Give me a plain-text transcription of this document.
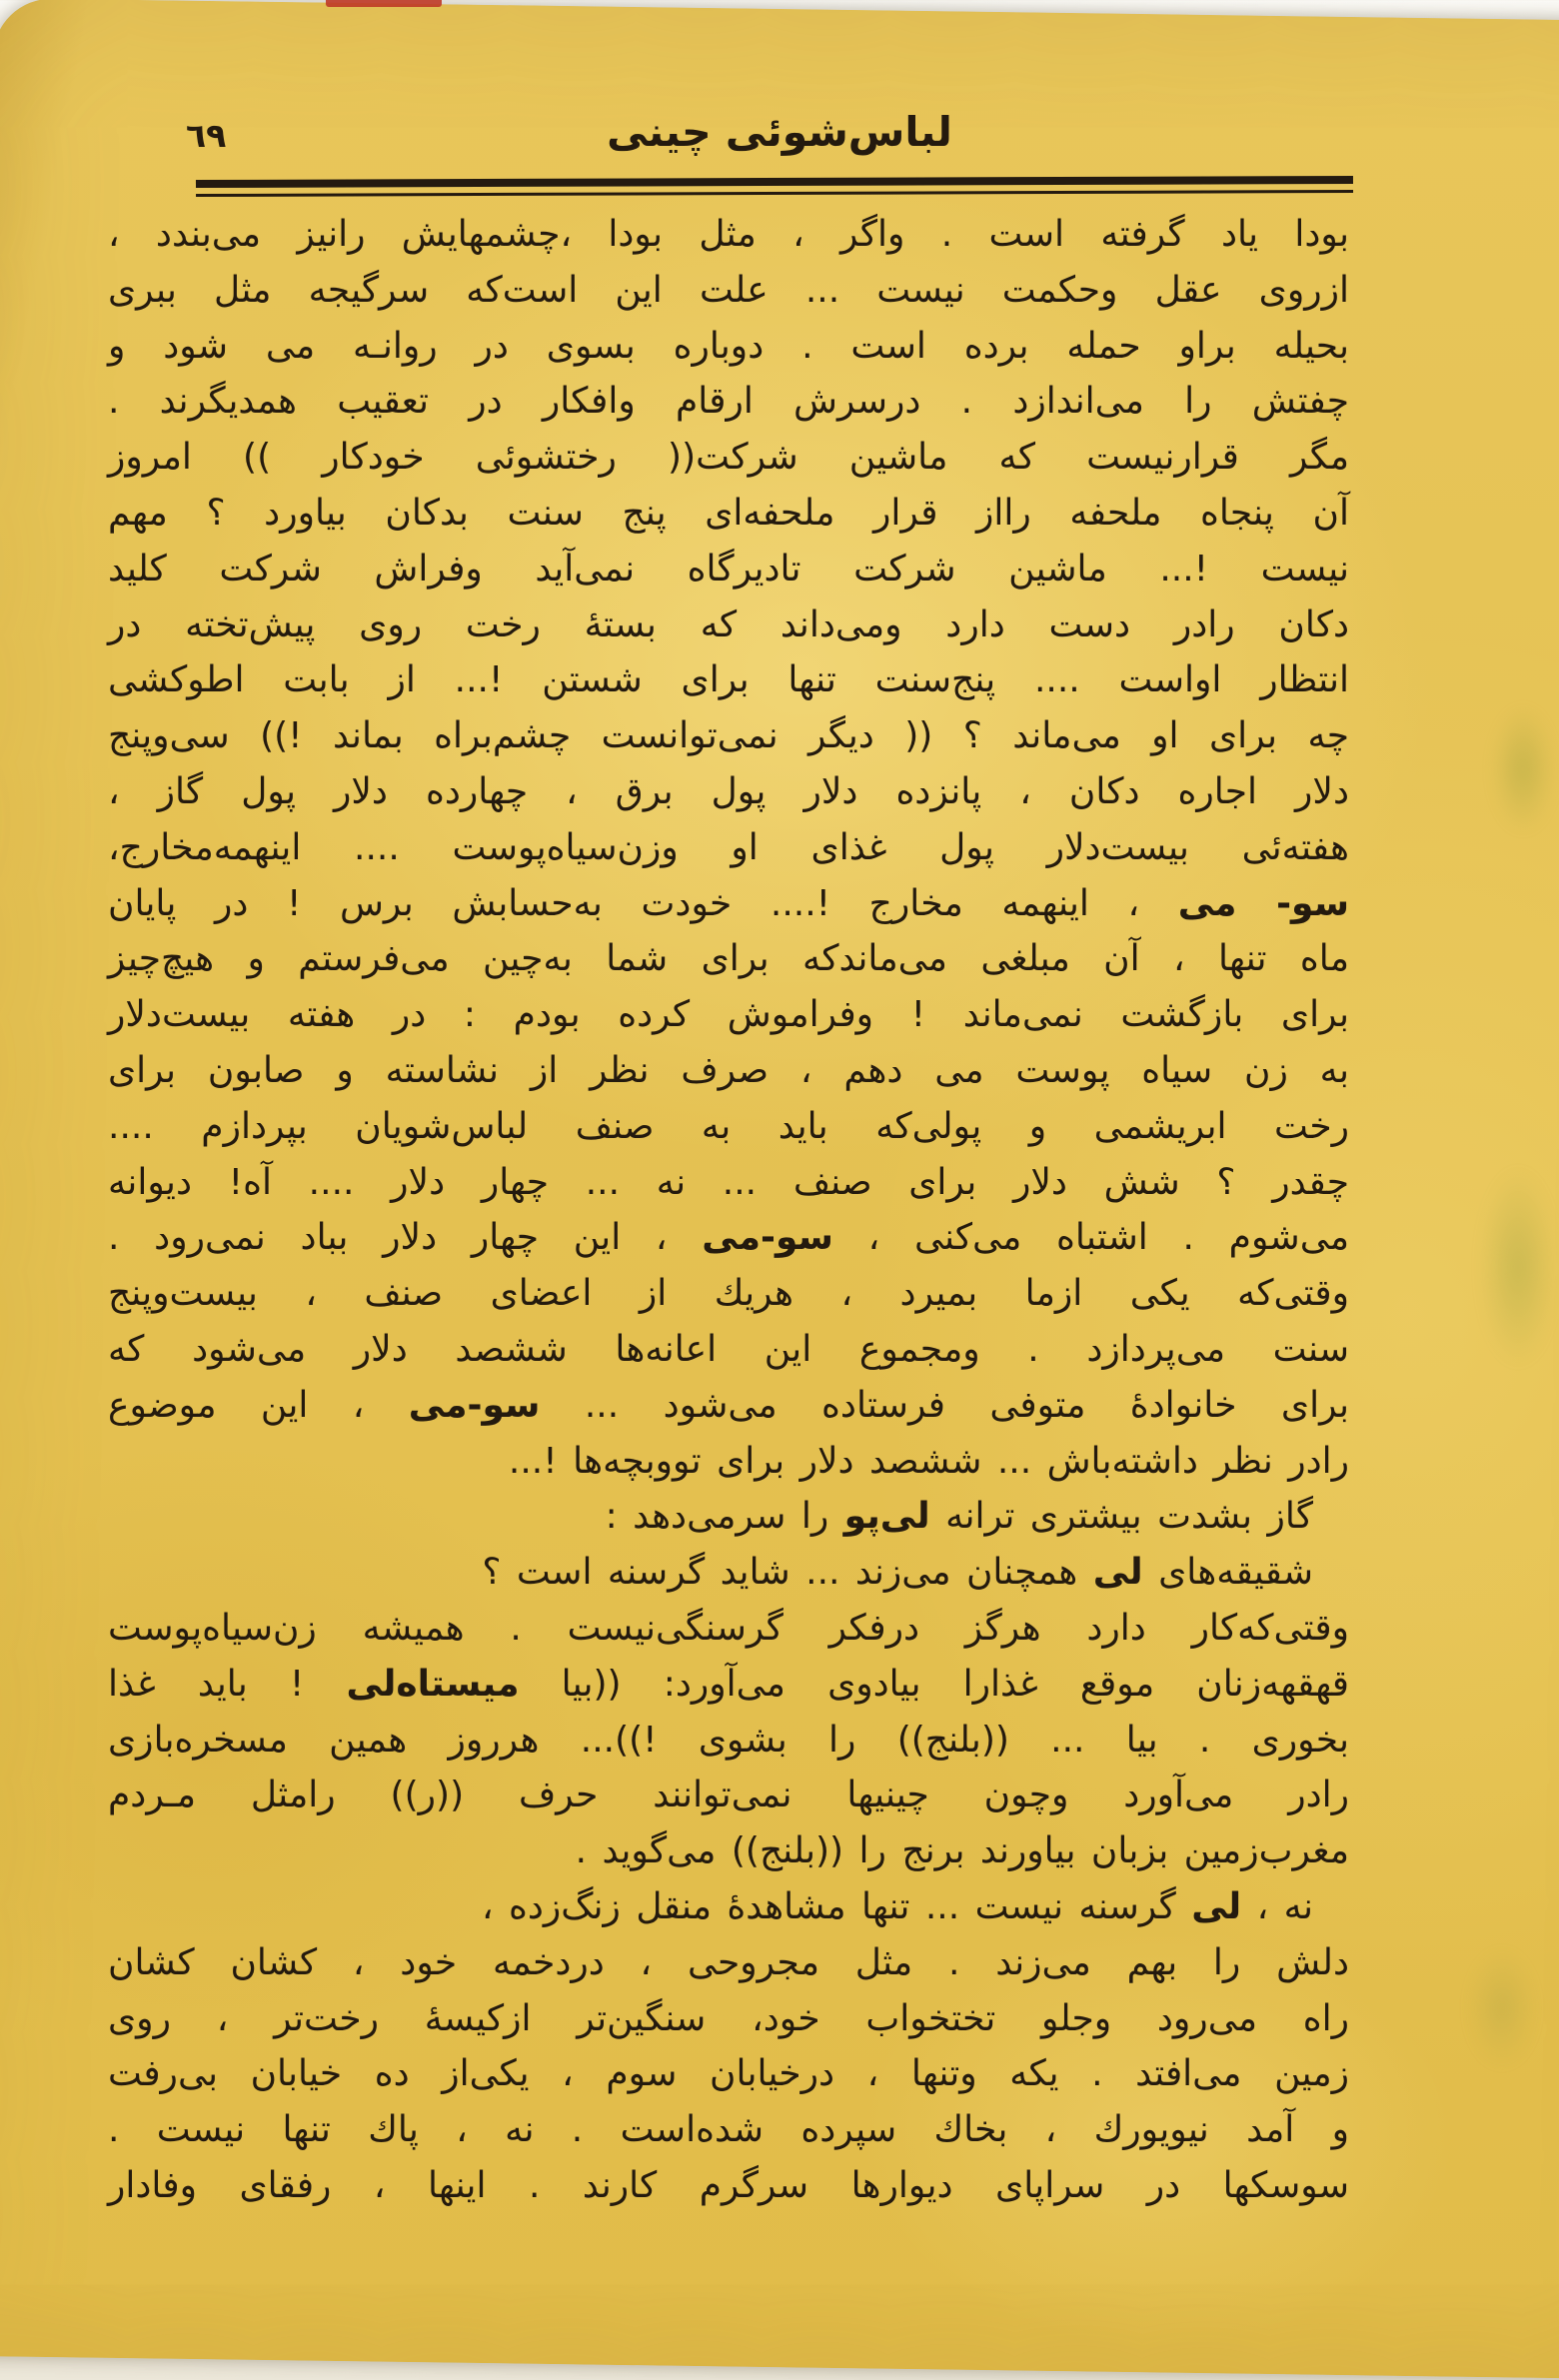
٦٩	لباس‌شوئی چینی
بودا یاد گرفته است . واگر ، مثل بودا ،چشمهایش رانیز می‌بندد ،
ازروی عقل وحکمت نیست ... علت این است‌که سرگیجه مثل ببری
بحیله براو حمله برده است . دوباره بسوی در روانـه می شود و
چفتش را می‌اندازد . درسرش ارقام وافکار در تعقیب همدیگرند .
مگر قرارنیست که ماشین شرکت(( رختشوئی خودکار )) امروز
آن پنجاه ملحفه رااز قرار ملحفه‌ای پنج سنت بدکان بیاورد ؟ مهم
نیست !... ماشین شرکت تادیرگاه نمی‌آید وفراش شرکت کلید
دکان رادر دست دارد ومی‌داند که بستهٔ رخت روی پیش‌تخته در
انتظار اواست .... پنج‌سنت تنها برای شستن !... از بابت اطوکشی
چه برای او می‌ماند ؟ (( دیگر نمی‌توانست چشم‌براه بماند !)) سی‌وپنج
دلار اجاره دکان ، پانزده دلار پول برق ، چهارده دلار پول گاز ،
هفته‌ئی بیست‌دلار پول غذای او وزن‌سیاه‌پوست .... اینهمه‌مخارج،
سو- می ، اینهمه مخارج !.... خودت به‌حسابش برس ! در پایان
ماه تنها ، آن مبلغی می‌ماندکه برای شما به‌چین می‌فرستم و هیچ‌چیز
برای بازگشت نمی‌ماند ! وفراموش کرده بودم : در هفته بیست‌دلار
به زن سیاه پوست می دهم ، صرف نظر از نشاسته و صابون برای
رخت ابریشمی و پولی‌که باید به صنف لباس‌شویان بپردازم ....
چقدر ؟ شش دلار برای صنف ... نه ... چهار دلار .... آه! دیوانه
می‌شوم . اشتباه می‌کنی ، سو-می ، این چهار دلار بباد نمی‌رود .
وقتی‌که یکی ازما بمیرد ، هریك از اعضای صنف ، بیست‌وپنج
سنت می‌پردازد . ومجموع این اعانه‌ها ششصد دلار می‌شود که
برای خانوادهٔ متوفی فرستاده می‌شود ... سو-می ، این موضوع
رادر نظر داشته‌باش ... ششصد دلار برای تووبچه‌ها !...
گاز بشدت بیشتری ترانه لی‌پو را سرمی‌دهد :
شقیقه‌های لی همچنان می‌زند ... شاید گرسنه است ؟
وقتی‌که‌کار دارد هرگز درفکر گرسنگی‌نیست . همیشه زن‌سیاه‌پوست
قهقهه‌زنان موقع غذارا بیادوی می‌آورد: ((بیا میستاه‌لی ! باید غذا
بخوری . بیا ... ((بلنج)) را بشوی !))... هرروز همین مسخره‌بازی
رادر می‌آورد وچون چینیها نمی‌توانند حرف ((ر)) رامثل مـردم
مغرب‌زمین بزبان بیاورند برنج را ((بلنج)) می‌گوید .
نه ، لی گرسنه نیست ... تنها مشاهدهٔ منقل زنگ‌زده ،
دلش را بهم می‌زند . مثل مجروحی ، دردخمه خود ، کشان کشان
راه می‌رود وجلو تختخواب خود، سنگین‌تر ازکیسهٔ رخت‌تر ، روی
زمین می‌افتد . یکه وتنها ، درخیابان سوم ، یکی‌از ده خیابان بی‌رفت
و آمد نیویورك ، بخاك سپرده شده‌است . نه ، پاك تنها نیست .
سوسکها در سراپای دیوارها سرگرم کارند . اینها ، رفقای وفادار
